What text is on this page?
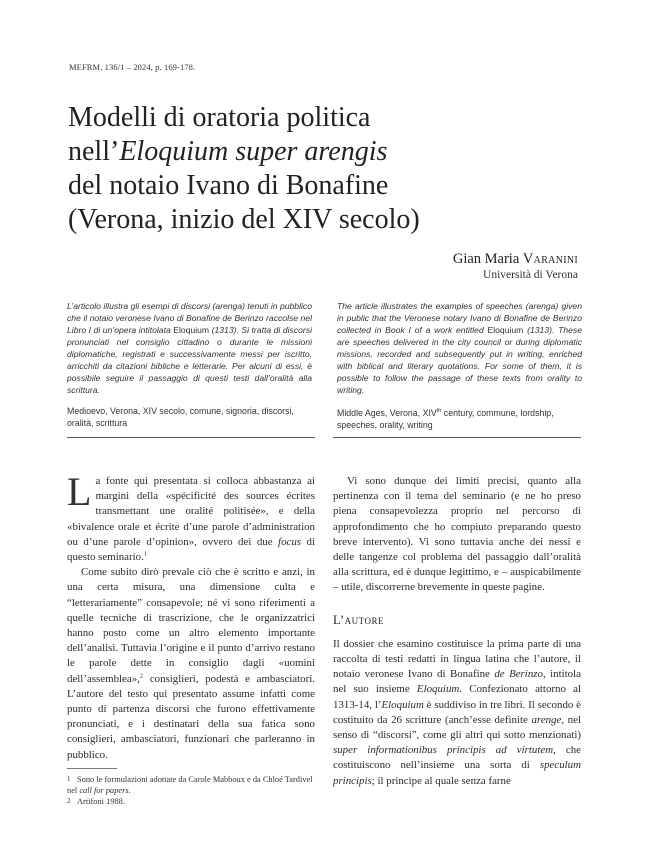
MEFRM, 136/1 – 2024, p. 169-178.
Modelli di oratoria politica
nell’Eloquium super arengis
del notaio Ivano di Bonafine
(Verona, inizio del XIV secolo)
Gian Maria Varanini
Università di Verona

L’articolo illustra gli esempi di discorsi (arenga) tenuti in pubblico che il notaio veronese Ivano di Bonafine de Berinzo raccolse nel Libro I di un’opera intitolata Eloquium (1313). Si tratta di discorsi pronunciati nel consiglio cittadino o durante le missioni diplomatiche, registrati e successivamente messi per iscritto, arricchiti da citazioni bibliche e letterarie. Per alcuni di essi, è possibile seguire il passaggio di questi testi dall’oralità alla scrittura.

Medioevo, Verona, XIV secolo, comune, signoria, discorsi, oralità, scrittura

The article illustrates the examples of speeches (arenga) given in public that the Veronese notary Ivano di Bonafine de Berinzo collected in Book I of a work entitled Eloquium (1313). These are speeches delivered in the city council or during diplomatic missions, recorded and subsequently put in writing, enriched with biblical and literary quotations. For some of them, it is possible to follow the passage of these texts from orality to writing.

Middle Ages, Verona, XIVth century, commune, lordship, speeches, orality, writing

La fonte qui presentata si colloca abbastanza ai margini della «spécificité des sources écrites transmettant une oralité politisée», e della «bivalence orale et écrite d’une parole d’administration ou d’une parole d’opinion», ovvero dei due focus di questo seminario.$^1$

Come subito dirò prevale ciò che è scritto e anzi, in una certa misura, una dimensione culta e “letterariamente” consapevole; né vi sono riferimenti a quelle tecniche di trascrizione, che le organizzatrici hanno posto come un altro elemento importante dell’analisi. Tuttavia l’origine e il punto d’arrivo restano le parole dette in consiglio dagli «uomini dell’assemblea»,$^2$ consiglieri, podestà e ambasciatori. L’autore del testo qui presentato assume infatti come punto di partenza discorsi che furono effettivamente pronunciati, e i destinatari della sua fatica sono consiglieri, ambasciatori, funzionari che parleranno in pubblico.

Vi sono dunque dei limiti precisi, quanto alla pertinenza con il tema del seminario (e ne ho preso piena consapevolezza proprio nel percorso di approfondimento che ho compiuto preparando questo breve intervento). Vi sono tuttavia anche dei nessi e delle tangenze col problema del passaggio dall’oralità alla scrittura, ed è dunque legittimo, e – auspicabilmente – utile, discorrerne brevemente in queste pagine.

L’autore

Il dossier che esamino costituisce la prima parte di una raccolta di testi redatti in lingua latina che l’autore, il notaio veronese Ivano di Bonafine de Berinzo, intitola nel suo insieme Eloquium. Confezionato attorno al 1313-14, l’Eloquium è suddiviso in tre libri. Il secondo è costituito da 26 scritture (anch’esse definite arenge, nel senso di “discorsi”, come gli altri qui sotto menzionati) super informationibus principis ad virtutem, che costituiscono nell’insieme una sorta di speculum principis; il principe al quale senza farne

1 Sono le formulazioni adottate da Carole Mabboux e da Chloé Tardivel nel call for papers.

2 Artifoni 1988.
